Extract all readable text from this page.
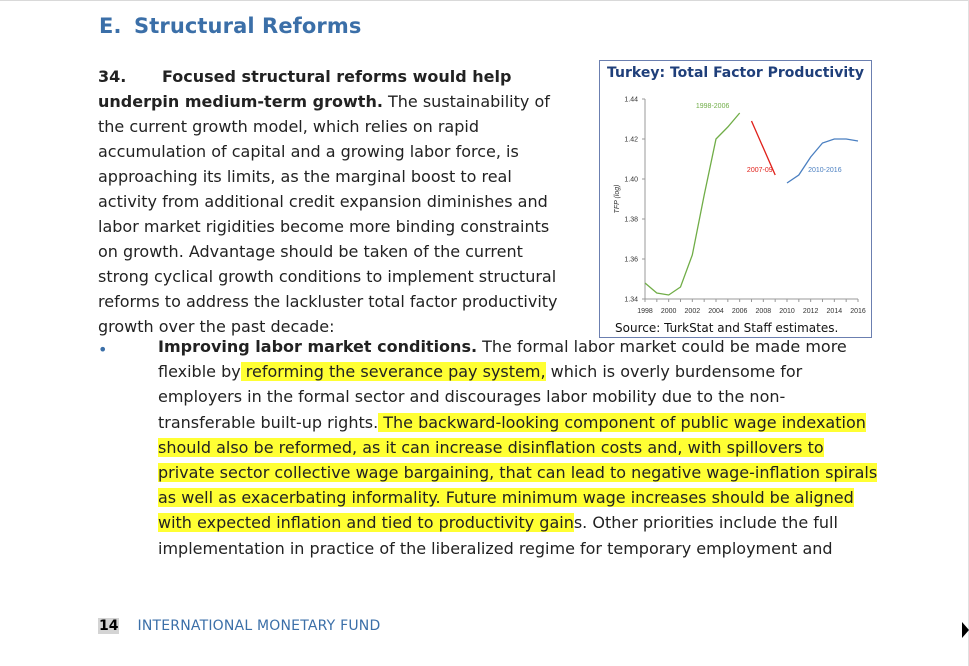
E. Structural Reforms

34. Focused structural reforms would help underpin medium-term growth. The sustainability of the current growth model, which relies on rapid accumulation of capital and a growing labor force, is approaching its limits, as the marginal boost to real activity from additional credit expansion diminishes and labor market rigidities become more binding constraints on growth. Advantage should be taken of the current strong cyclical growth conditions to implement structural reforms to address the lackluster total factor productivity growth over the past decade:

Turkey: Total Factor Productivity
1.34
1.36
1.38
1.40
1.42
1.44
1998 2000 2002 2004 2006 2008 2010 2012 2014 2016
TFP (log)
1998-2006
2007-09	2010-2016
Source: TurkStat and Staff estimates.
•	Improving labor market conditions. The formal labor market could be made more flexible by reforming the severance pay system, which is overly burdensome for employers in the formal sector and discourages labor mobility due to the non-transferable built-up rights. The backward-looking component of public wage indexation should also be reformed, as it can increase disinflation costs and, with spillovers to private sector collective wage bargaining, that can lead to negative wage-inflation spirals as well as exacerbating informality. Future minimum wage increases should be aligned with expected inflation and tied to productivity gains. Other priorities include the full implementation in practice of the liberalized regime for temporary employment and

14 INTERNATIONAL MONETARY FUND
